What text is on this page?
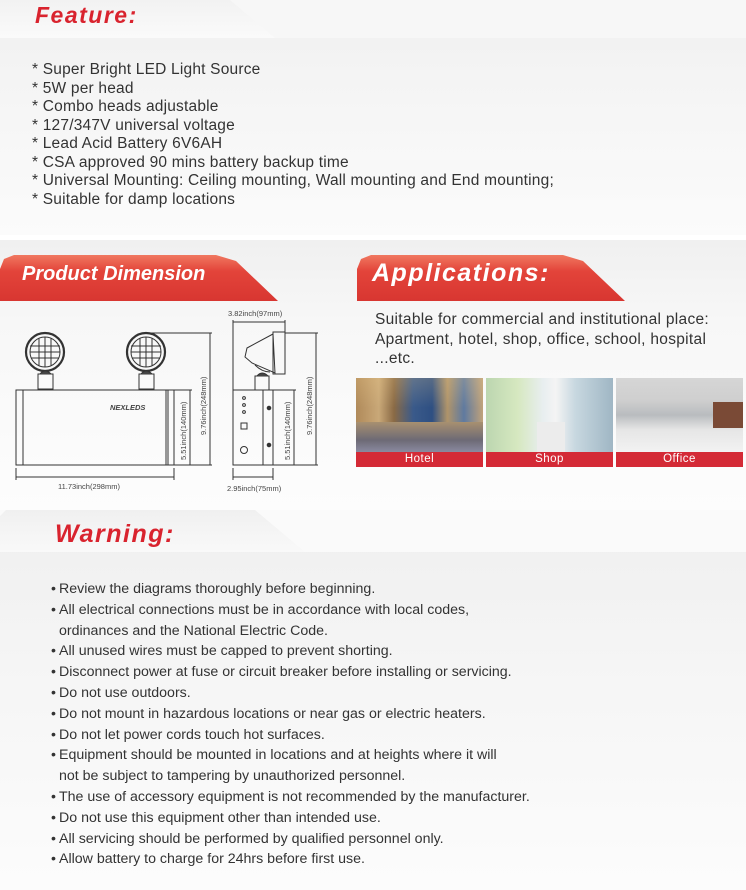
Feature:
* Super Bright LED Light Source
* 5W per head
* Combo heads adjustable
* 127/347V universal voltage
* Lead Acid Battery 6V6AH
* CSA approved 90 mins battery backup time
* Universal Mounting: Ceiling mounting, Wall mounting and End mounting;
* Suitable for damp locations
Product Dimension	Applications:
NEXLEDS
11.73inch(298mm)
5.51inch(140mm) 9.76inch(248mm)
3.82inch(97mm)
5.51inch(140mm) 9.76inch(248mm)
2.95inch(75mm)
Suitable for commercial and institutional place:
Apartment, hotel, shop, office, school, hospital
...etc.
Hotel	Shop	Office
Warning:
• Review the diagrams thoroughly before beginning.
• All electrical connections must be in accordance with local codes,
ordinances and the National Electric Code.
• All unused wires must be capped to prevent shorting.
• Disconnect power at fuse or circuit breaker before installing or servicing.
• Do not use outdoors.
• Do not mount in hazardous locations or near gas or electric heaters.
• Do not let power cords touch hot surfaces.
• Equipment should be mounted in locations and at heights where it will
not be subject to tampering by unauthorized personnel.
• The use of accessory equipment is not recommended by the manufacturer.
• Do not use this equipment other than intended use.
• All servicing should be performed by qualified personnel only.
• Allow battery to charge for 24hrs before first use.
